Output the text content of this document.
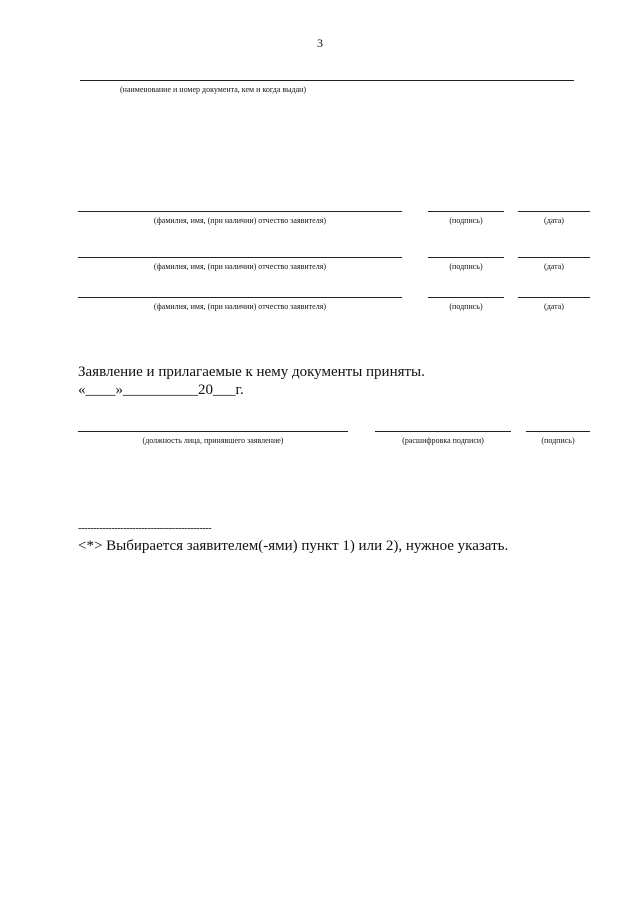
3
(наименование и номер документа, кем и когда выдан)
(фамилия, имя, (при наличии) отчество заявителя)	(подпись)	(дата)
(фамилия, имя, (при наличии) отчество заявителя)	(подпись)	(дата)
(фамилия, имя, (при наличии) отчество заявителя)	(подпись)	(дата)
Заявление и прилагаемые к нему документы приняты.
«____»__________20___г.
(должность лица, принявшего заявление)	(расшифровка подписи)	(подпись)
--------------------------------------------
<*> Выбирается заявителем(-ями) пункт 1) или 2), нужное указать.
